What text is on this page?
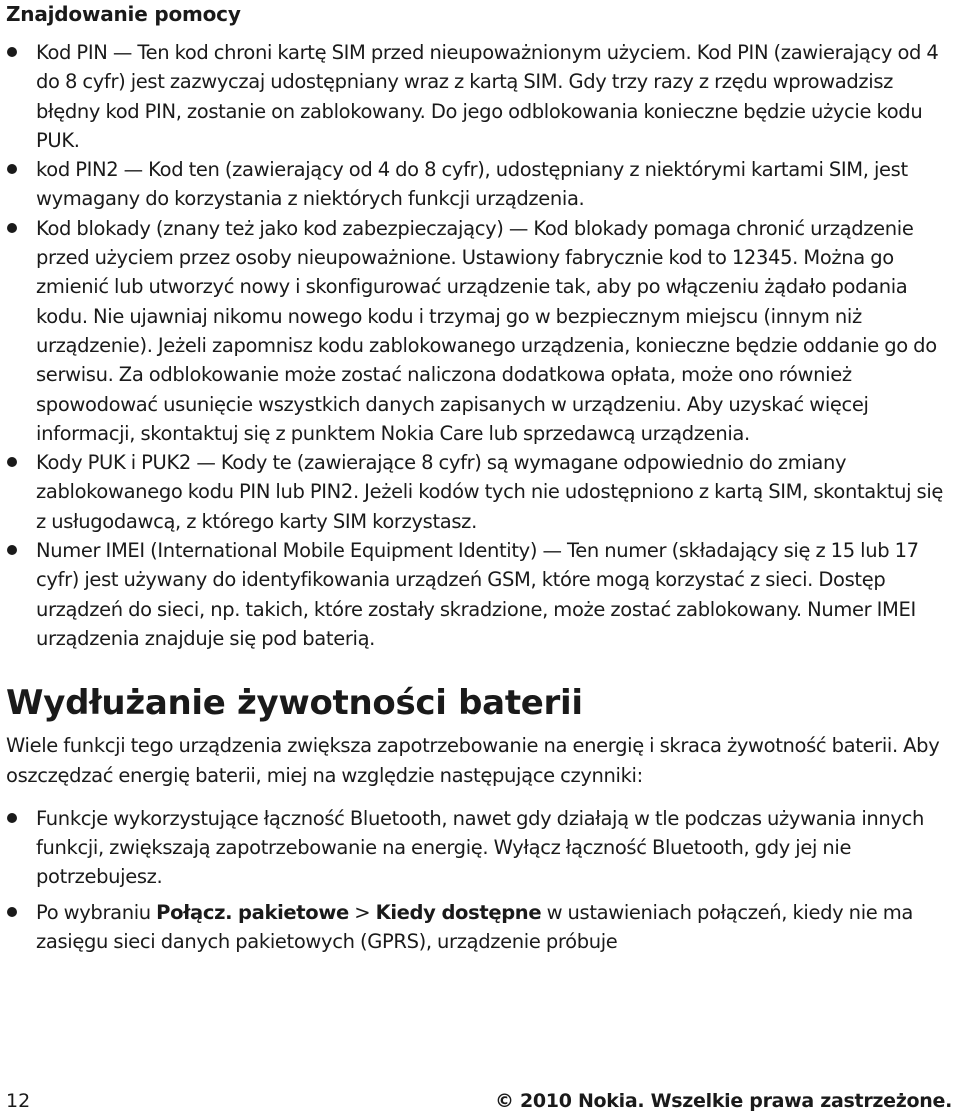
Znajdowanie pomocy
Kod PIN — Ten kod chroni kartę SIM przed nieupoważnionym użyciem. Kod PIN (zawierający od 4 do 8 cyfr) jest zazwyczaj udostępniany wraz z kartą SIM. Gdy trzy razy z rzędu wprowadzisz błędny kod PIN, zostanie on zablokowany. Do jego odblokowania konieczne będzie użycie kodu PUK.
kod PIN2 — Kod ten (zawierający od 4 do 8 cyfr), udostępniany z niektórymi kartami SIM, jest wymagany do korzystania z niektórych funkcji urządzenia.
Kod blokady (znany też jako kod zabezpieczający) — Kod blokady pomaga chronić urządzenie przed użyciem przez osoby nieupoważnione. Ustawiony fabrycznie kod to 12345. Można go zmienić lub utworzyć nowy i skonfigurować urządzenie tak, aby po włączeniu żądało podania kodu. Nie ujawniaj nikomu nowego kodu i trzymaj go w bezpiecznym miejscu (innym niż urządzenie). Jeżeli zapomnisz kodu zablokowanego urządzenia, konieczne będzie oddanie go do serwisu. Za odblokowanie może zostać naliczona dodatkowa opłata, może ono również spowodować usunięcie wszystkich danych zapisanych w urządzeniu. Aby uzyskać więcej informacji, skontaktuj się z punktem Nokia Care lub sprzedawcą urządzenia.
Kody PUK i PUK2 — Kody te (zawierające 8 cyfr) są wymagane odpowiednio do zmiany zablokowanego kodu PIN lub PIN2. Jeżeli kodów tych nie udostępniono z kartą SIM, skontaktuj się z usługodawcą, z którego karty SIM korzystasz.
Numer IMEI (International Mobile Equipment Identity) — Ten numer (składający się z 15 lub 17 cyfr) jest używany do identyfikowania urządzeń GSM, które mogą korzystać z sieci. Dostęp urządzeń do sieci, np. takich, które zostały skradzione, może zostać zablokowany. Numer IMEI urządzenia znajduje się pod baterią.
Wydłużanie żywotności baterii

Wiele funkcji tego urządzenia zwiększa zapotrzebowanie na energię i skraca żywotność baterii. Aby oszczędzać energię baterii, miej na względzie następujące czynniki:

Funkcje wykorzystujące łączność Bluetooth, nawet gdy działają w tle podczas używania innych funkcji, zwiększają zapotrzebowanie na energię. Wyłącz łączność Bluetooth, gdy jej nie potrzebujesz.
Po wybraniu Połącz. pakietowe > Kiedy dostępne w ustawieniach połączeń, kiedy nie ma zasięgu sieci danych pakietowych (GPRS), urządzenie próbuje
12	© 2010 Nokia. Wszelkie prawa zastrzeżone.
